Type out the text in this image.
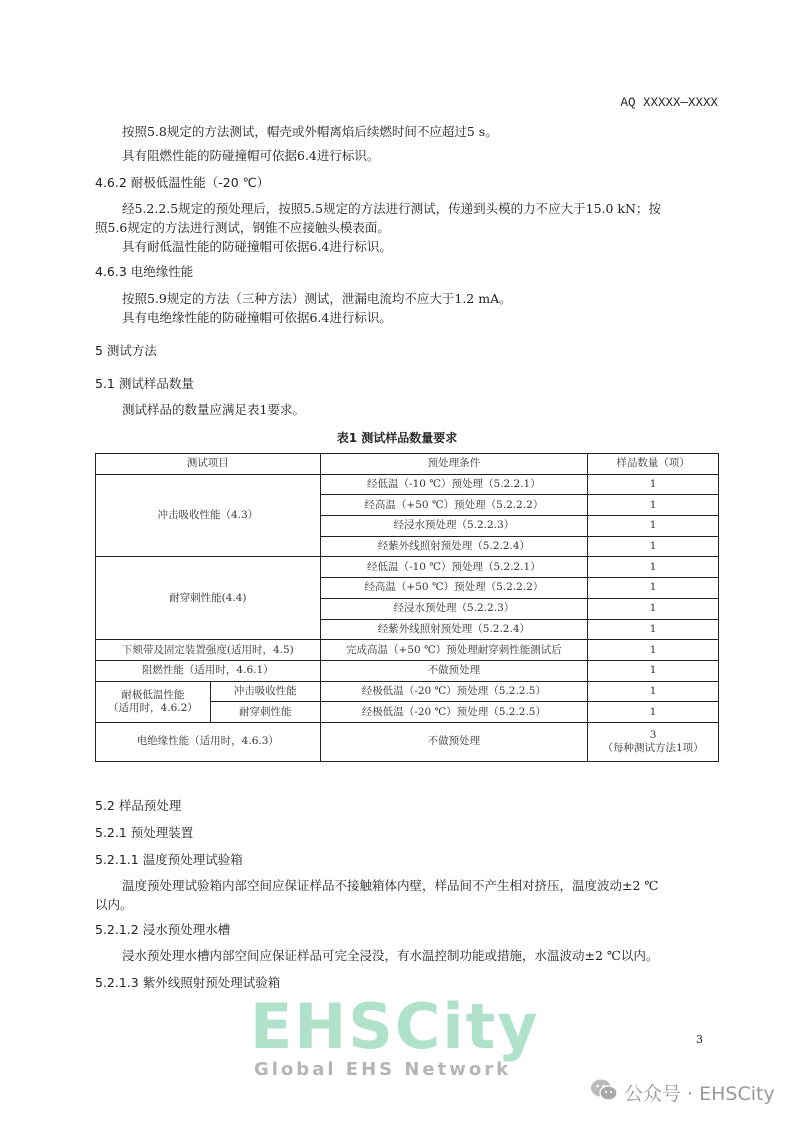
AQ XXXXX—XXXX
按照5.8规定的方法测试，帽壳或外帽离焰后续燃时间不应超过5 s。
具有阻燃性能的防碰撞帽可依据6.4进行标识。
4.6.2 耐极低温性能（-20 ℃）
经5.2.2.5规定的预处理后，按照5.5规定的方法进行测试，传递到头模的力不应大于15.0 kN；按
照5.6规定的方法进行测试，钢锥不应接触头模表面。
具有耐低温性能的防碰撞帽可依据6.4进行标识。
4.6.3 电绝缘性能
按照5.9规定的方法（三种方法）测试，泄漏电流均不应大于1.2 mA。
具有电绝缘性能的防碰撞帽可依据6.4进行标识。
5 测试方法
5.1 测试样品数量
测试样品的数量应满足表1要求。
表1 测试样品数量要求
测试项目		预处理条件	样品数量（项）
冲击吸收性能（4.3）		经低温（-10 ℃）预处理（5.2.2.1）	1
		经高温（+50 ℃）预处理（5.2.2.2）	1
		经浸水预处理（5.2.2.3）	1
		经紫外线照射预处理（5.2.2.4）	1
耐穿刺性能(4.4)		经低温（-10 ℃）预处理（5.2.2.1）	1
		经高温（+50 ℃）预处理（5.2.2.2）	1
		经浸水预处理（5.2.2.3）	1
		经紫外线照射预处理（5.2.2.4）	1
下颏带及固定装置强度(适用时，4.5)		完成高温（+50 ℃）预处理耐穿刺性能测试后	1
阻燃性能（适用时，4.6.1）		不做预处理	1

耐极低温性能
（适用时，4.6.2）	冲击吸收性能	经极低温（-20 ℃）预处理（5.2.2.5）	1
	耐穿刺性能	经极低温（-20 ℃）预处理（5.2.2.5）	1
电绝缘性能（适用时，4.6.3）		不做预处理	3
（每种测试方法1项）
5.2 样品预处理
5.2.1 预处理装置
5.2.1.1 温度预处理试验箱
温度预处理试验箱内部空间应保证样品不接触箱体内壁，样品间不产生相对挤压，温度波动±2 ℃
以内。
5.2.1.2 浸水预处理水槽
浸水预处理水槽内部空间应保证样品可完全浸没，有水温控制功能或措施，水温波动±2 ℃以内。
5.2.1.3 紫外线照射预处理试验箱
EHSCity
Global EHS Network
3
公众号 · EHSCity
